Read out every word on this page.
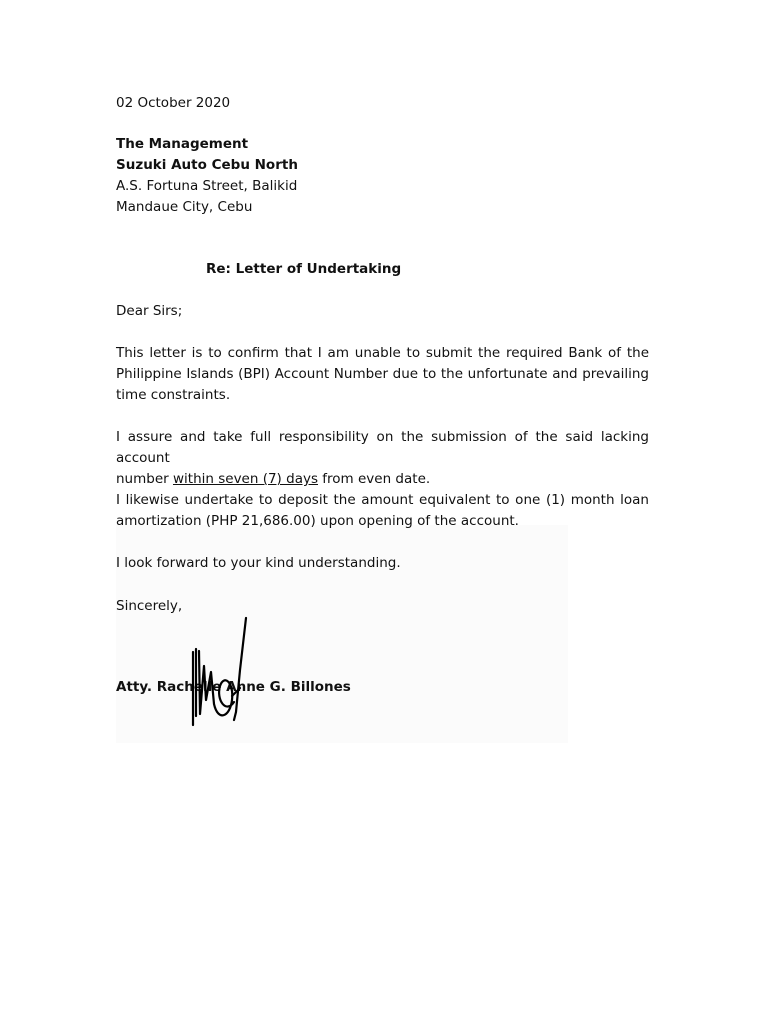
02 October 2020
The Management
Suzuki Auto Cebu North
A.S. Fortuna Street, Balikid
Mandaue City, Cebu
Re: Letter of Undertaking
Dear Sirs;
This letter is to confirm that I am unable to submit the required Bank of the
Philippine Islands (BPI) Account Number due to the unfortunate and prevailing
time constraints.
I assure and take full responsibility on the submission of the said lacking account
number within seven (7) days from even date.
I likewise undertake to deposit the amount equivalent to one (1) month loan
amortization (PHP 21,686.00) upon opening of the account.
I look forward to your kind understanding.
Sincerely,
Atty. Rachelle Anne G. Billones
